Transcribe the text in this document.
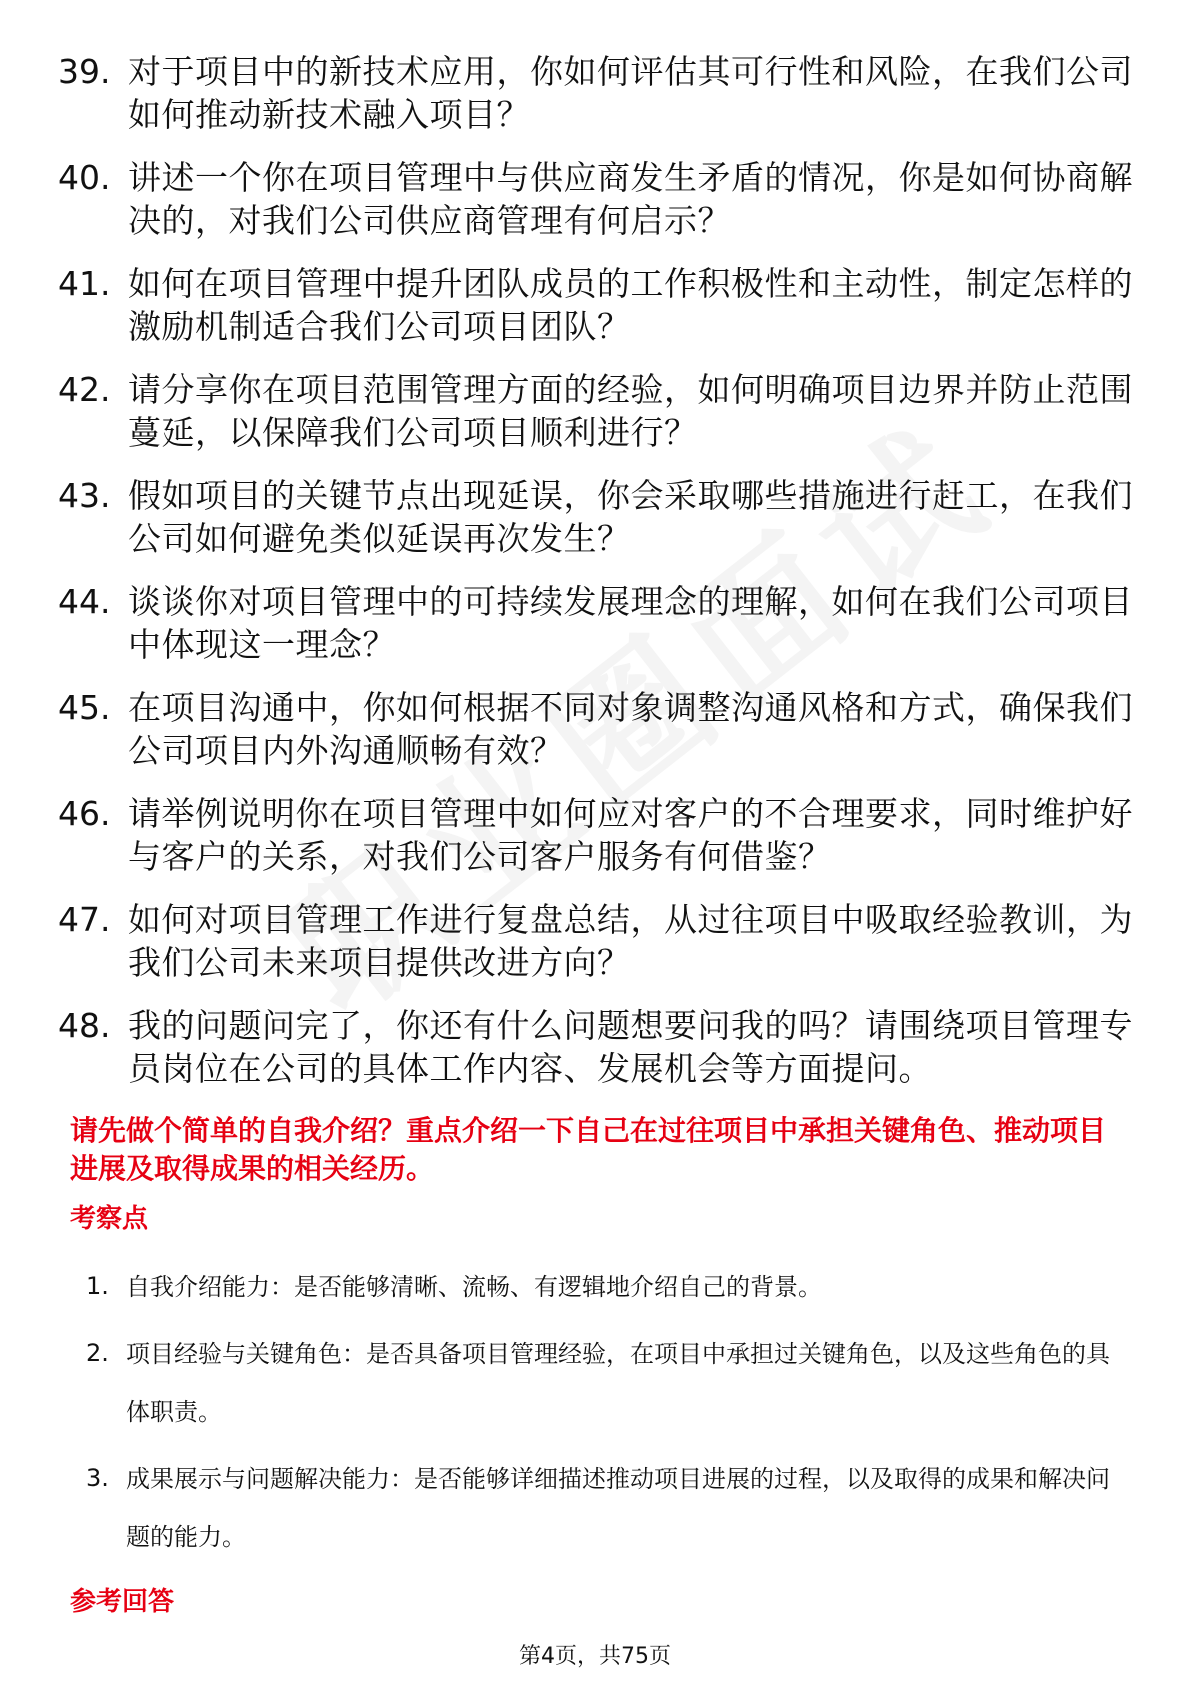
39. 对于项目中的新技术应用，你如何评估其可行性和风险，在我们公司如何推动新技术融入项目？
40. 讲述一个你在项目管理中与供应商发生矛盾的情况，你是如何协商解决的，对我们公司供应商管理有何启示？
41. 如何在项目管理中提升团队成员的工作积极性和主动性，制定怎样的激励机制适合我们公司项目团队？
42. 请分享你在项目范围管理方面的经验，如何明确项目边界并防止范围蔓延，以保障我们公司项目顺利进行？
43. 假如项目的关键节点出现延误，你会采取哪些措施进行赶工，在我们公司如何避免类似延误再次发生？
44. 谈谈你对项目管理中的可持续发展理念的理解，如何在我们公司项目中体现这一理念？
45. 在项目沟通中，你如何根据不同对象调整沟通风格和方式，确保我们公司项目内外沟通顺畅有效？
46. 请举例说明你在项目管理中如何应对客户的不合理要求，同时维护好与客户的关系，对我们公司客户服务有何借鉴？
47. 如何对项目管理工作进行复盘总结，从过往项目中吸取经验教训，为我们公司未来项目提供改进方向？
48. 我的问题问完了，你还有什么问题想要问我的吗？请围绕项目管理专员岗位在公司的具体工作内容、发展机会等方面提问。
请先做个简单的自我介绍？重点介绍一下自己在过往项目中承担关键角色、推动项目进展及取得成果的相关经历。
考察点
1. 自我介绍能力：是否能够清晰、流畅、有逻辑地介绍自己的背景。
2. 项目经验与关键角色：是否具备项目管理经验，在项目中承担过关键角色，以及这些角色的具体职责。
3. 成果展示与问题解决能力：是否能够详细描述推动项目进展的过程，以及取得的成果和解决问题的能力。
参考回答
第4页，共75页
